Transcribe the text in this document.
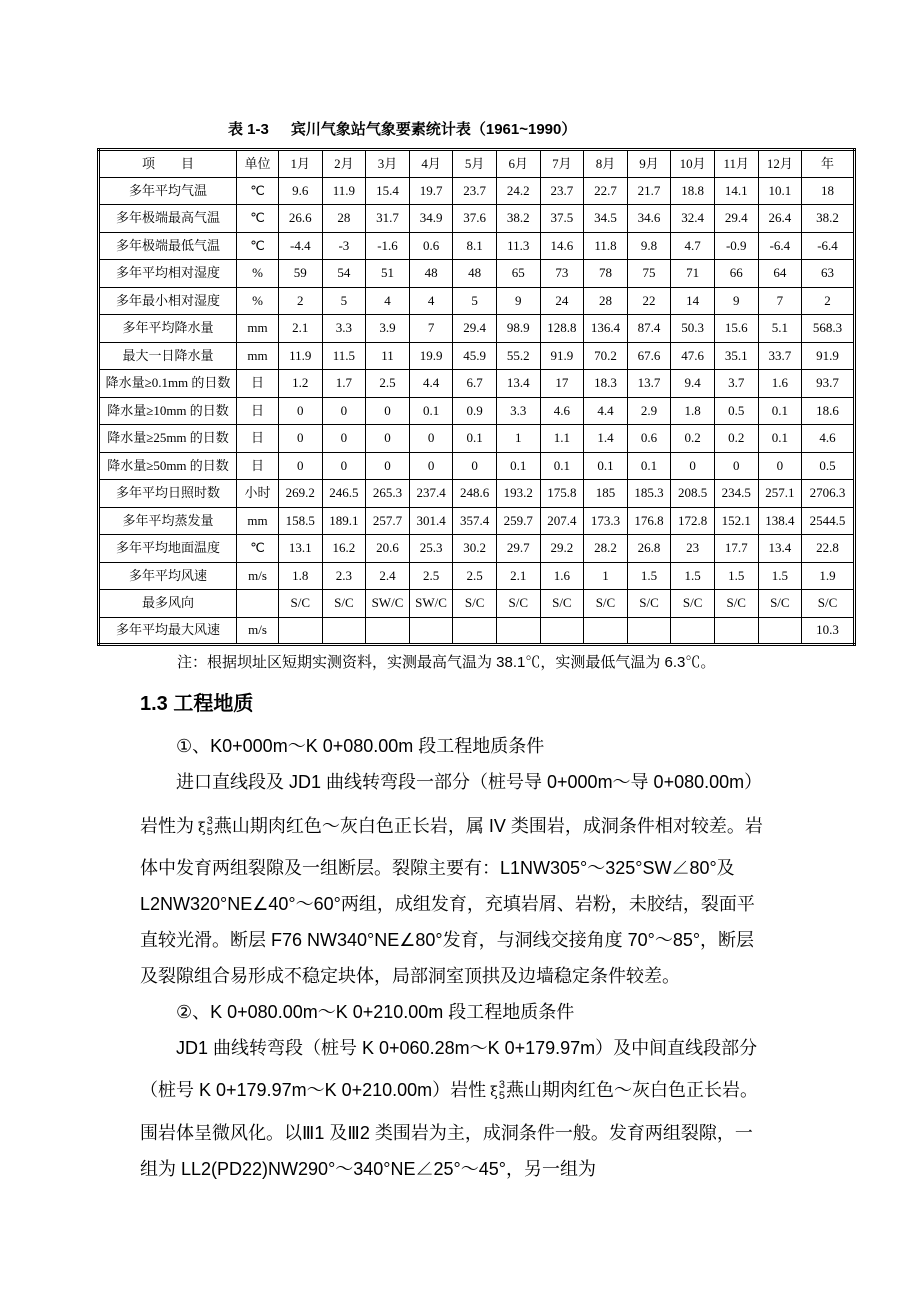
表 1-3 宾川气象站气象要素统计表（1961~1990）
项　　目	单位	1月	2月	3月	4月	5月	6月	7月	8月	9月	10月	11月	12月	年
多年平均气温	℃	9.6	11.9	15.4	19.7	23.7	24.2	23.7	22.7	21.7	18.8	14.1	10.1	18
多年极端最高气温	℃	26.6	28	31.7	34.9	37.6	38.2	37.5	34.5	34.6	32.4	29.4	26.4	38.2
多年极端最低气温	℃	-4.4	-3	-1.6	0.6	8.1	11.3	14.6	11.8	9.8	4.7	-0.9	-6.4	-6.4
多年平均相对湿度	%	59	54	51	48	48	65	73	78	75	71	66	64	63
多年最小相对湿度	%	2	5	4	4	5	9	24	28	22	14	9	7	2
多年平均降水量	mm	2.1	3.3	3.9	7	29.4	98.9	128.8	136.4	87.4	50.3	15.6	5.1	568.3
最大一日降水量	mm	11.9	11.5	11	19.9	45.9	55.2	91.9	70.2	67.6	47.6	35.1	33.7	91.9
降水量≥0.1mm 的日数	日	1.2	1.7	2.5	4.4	6.7	13.4	17	18.3	13.7	9.4	3.7	1.6	93.7
降水量≥10mm 的日数	日	0	0	0	0.1	0.9	3.3	4.6	4.4	2.9	1.8	0.5	0.1	18.6
降水量≥25mm 的日数	日	0	0	0	0	0.1	1	1.1	1.4	0.6	0.2	0.2	0.1	4.6
降水量≥50mm 的日数	日	0	0	0	0	0	0.1	0.1	0.1	0.1	0	0	0	0.5
多年平均日照时数	小时	269.2	246.5	265.3	237.4	248.6	193.2	175.8	185	185.3	208.5	234.5	257.1	2706.3
多年平均蒸发量	mm	158.5	189.1	257.7	301.4	357.4	259.7	207.4	173.3	176.8	172.8	152.1	138.4	2544.5
多年平均地面温度	℃	13.1	16.2	20.6	25.3	30.2	29.7	29.2	28.2	26.8	23	17.7	13.4	22.8
多年平均风速	m/s	1.8	2.3	2.4	2.5	2.5	2.1	1.6	1	1.5	1.5	1.5	1.5	1.9
最多风向		S/C	S/C	SW/C	SW/C	S/C	S/C	S/C	S/C	S/C	S/C	S/C	S/C	S/C
多年平均最大风速	m/s													10.3
注：根据坝址区短期实测资料，实测最高气温为 38.1℃，实测最低气温为 6.3℃。
1.3 工程地质
①、K0+000m～K 0+080.00m 段工程地质条件
进口直线段及 JD1 曲线转弯段一部分（桩号导 0+000m～导 0+080.00m）
岩性为 ξ 3
5 燕山期肉红色～灰白色正长岩，属 IV 类围岩，成洞条件相对较差。岩
体中发育两组裂隙及一组断层。裂隙主要有：L1NW305°～325°SW∠80°及
L2NW320°NE∠40°～60°两组，成组发育，充填岩屑、岩粉，未胶结，裂面平
直较光滑。断层 F76 NW340°NE∠80°发育，与洞线交接角度 70°～85°，断层
及裂隙组合易形成不稳定块体，局部洞室顶拱及边墙稳定条件较差。
②、K 0+080.00m～K 0+210.00m 段工程地质条件
JD1 曲线转弯段（桩号 K 0+060.28m～K 0+179.97m）及中间直线段部分
（桩号 K 0+179.97m～K 0+210.00m）岩性 ξ 3
5 燕山期肉红色～灰白色正长岩。
围岩体呈微风化。以Ⅲ1 及Ⅲ2 类围岩为主，成洞条件一般。发育两组裂隙，一
组为 LL2(PD22)NW290°～340°NE∠25°～45°，另一组为
